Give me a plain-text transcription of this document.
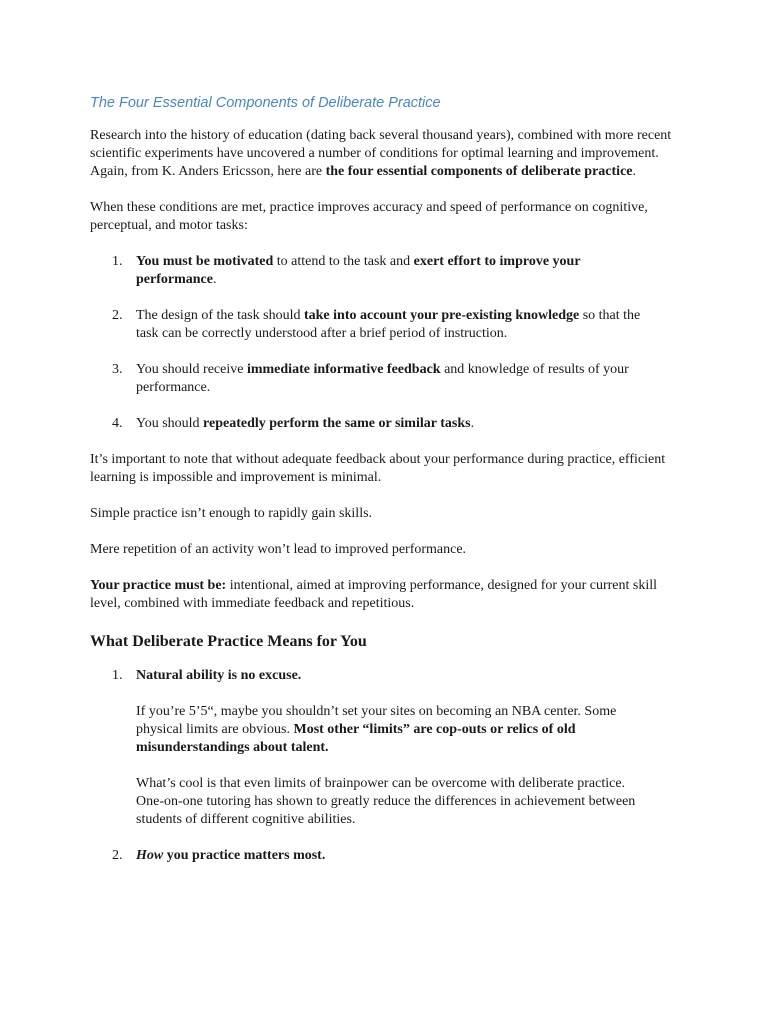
The Four Essential Components of Deliberate Practice

Research into the history of education (dating back several thousand years), combined with more recent scientific experiments have uncovered a number of conditions for optimal learning and improvement. Again, from K. Anders Ericsson, here are the four essential components of deliberate practice.

When these conditions are met, practice improves accuracy and speed of performance on cognitive, perceptual, and motor tasks:

1. You must be motivated to attend to the task and exert effort to improve your performance.
2. The design of the task should take into account your pre-existing knowledge so that the task can be correctly understood after a brief period of instruction.
3. You should receive immediate informative feedback and knowledge of results of your performance.
4. You should repeatedly perform the same or similar tasks.

It’s important to note that without adequate feedback about your performance during practice, efficient learning is impossible and improvement is minimal.

Simple practice isn’t enough to rapidly gain skills.

Mere repetition of an activity won’t lead to improved performance.

Your practice must be: intentional, aimed at improving performance, designed for your current skill level, combined with immediate feedback and repetitious.

What Deliberate Practice Means for You
1. Natural ability is no excuse.

If you’re 5’5“, maybe you shouldn’t set your sites on becoming an NBA center. Some physical limits are obvious. Most other “limits” are cop-outs or relics of old misunderstandings about talent.

What’s cool is that even limits of brainpower can be overcome with deliberate practice. One-on-one tutoring has shown to greatly reduce the differences in achievement between students of different cognitive abilities.

2. How you practice matters most.
